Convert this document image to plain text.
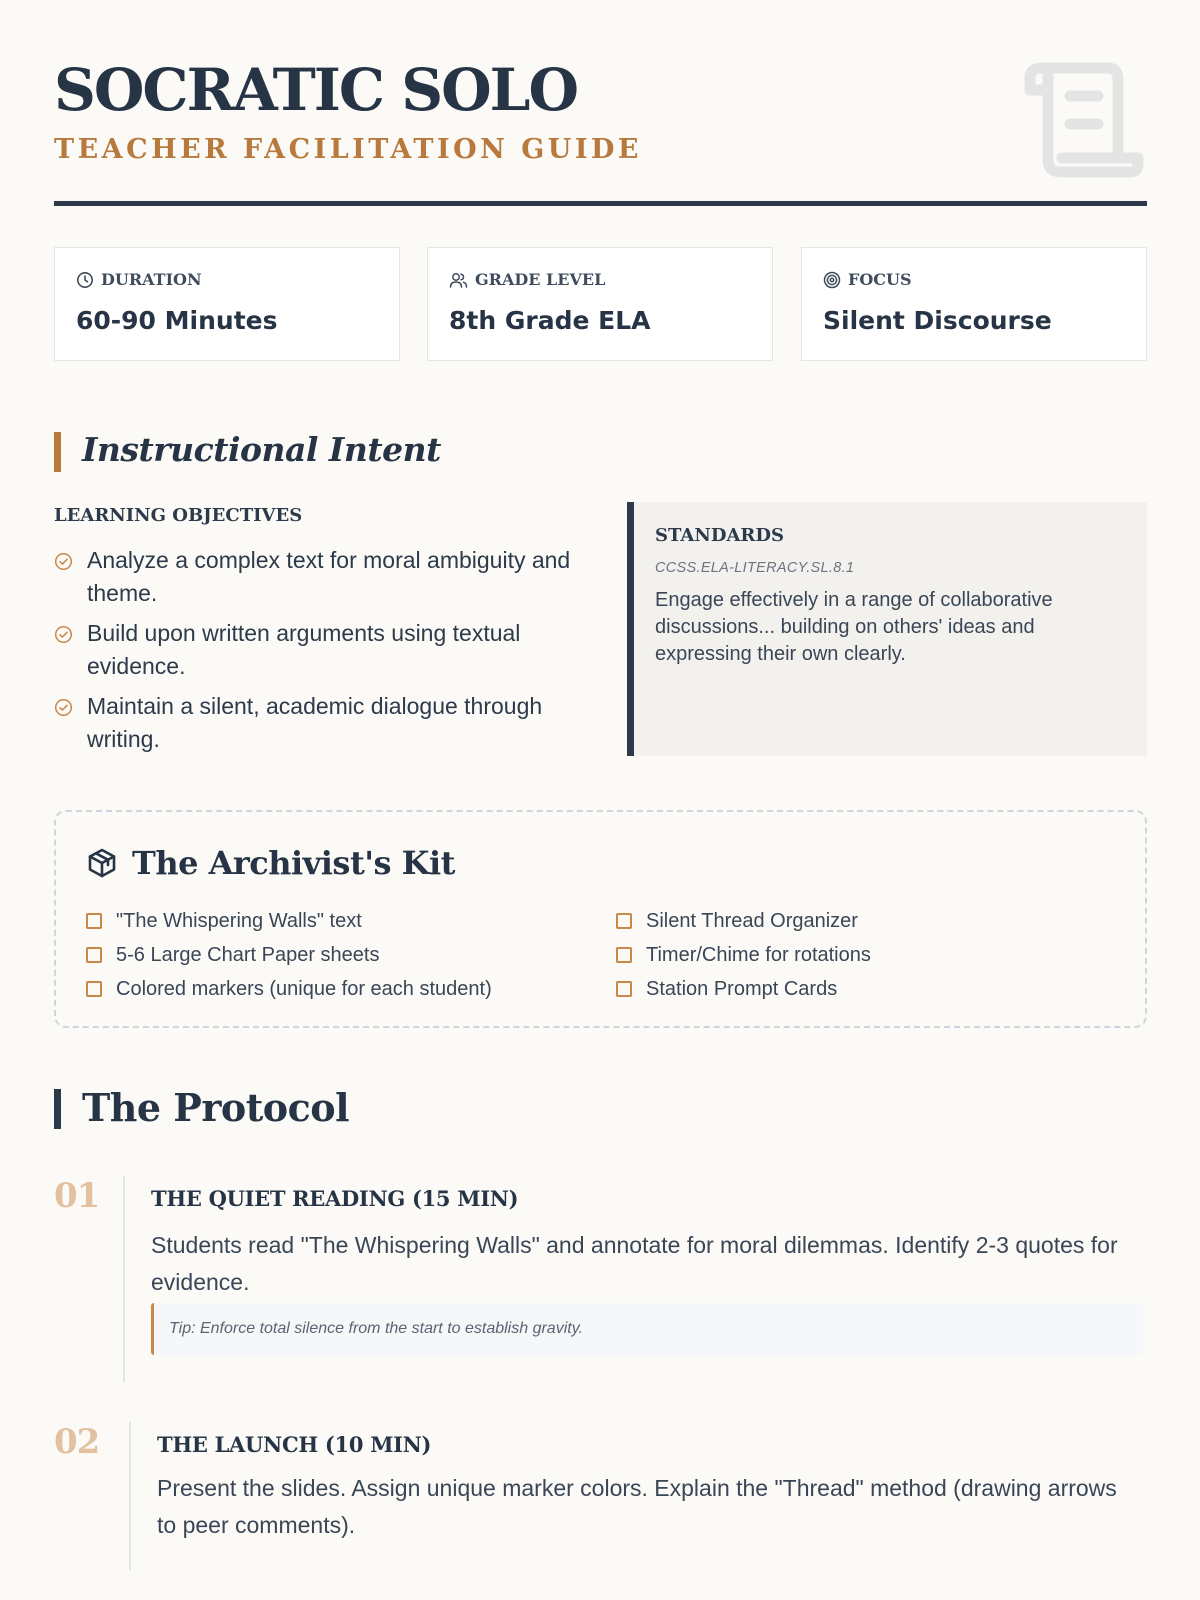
SOCRATIC SOLO
TEACHER FACILITATION GUIDE
DURATION
60-90 Minutes
GRADE LEVEL
8th Grade ELA
FOCUS
Silent Discourse
Instructional Intent
LEARNING OBJECTIVES
Analyze a complex text for moral ambiguity and theme.
Build upon written arguments using textual evidence.
Maintain a silent, academic dialogue through writing.
STANDARDS
CCSS.ELA-LITERACY.SL.8.1
Engage effectively in a range of collaborative discussions... building on others' ideas and expressing their own clearly.
The Archivist's Kit
"The Whispering Walls" text
5-6 Large Chart Paper sheets
Colored markers (unique for each student)
Silent Thread Organizer
Timer/Chime for rotations
Station Prompt Cards
The Protocol
01 THE QUIET READING (15 MIN)
Students read "The Whispering Walls" and annotate for moral dilemmas. Identify 2-3 quotes for evidence.
Tip: Enforce total silence from the start to establish gravity.
02	THE LAUNCH (10 MIN)
Present the slides. Assign unique marker colors. Explain the "Thread" method (drawing arrows to peer comments).
